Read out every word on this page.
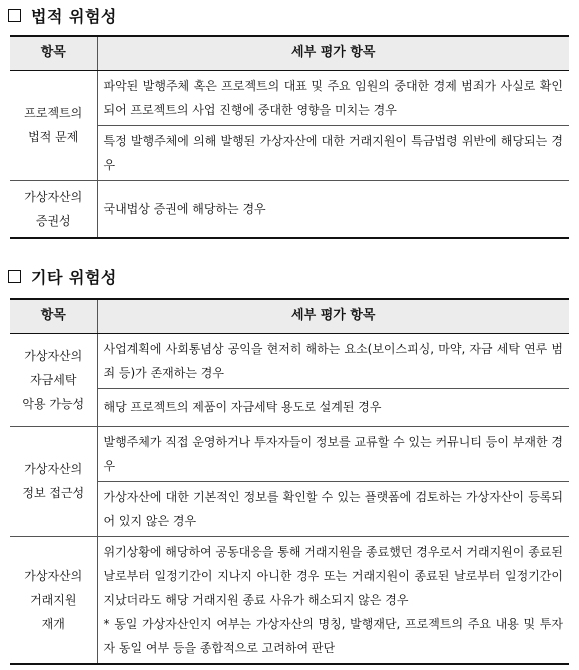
법적 위험성
항목	세부 평가 항목

프로젝트의
법적 문제	파악된 발행주체 혹은 프로젝트의 대표 및 주요 임원의 중대한 경제 범죄가 사실로 확인되어 프로젝트의 사업 진행에 중대한 영향을 미치는 경우
	특정 발행주체에 의해 발행된 가상자산에 대한 거래지원이 특금법령 위반에 해당되는 경우

가상자산의
증권성	국내법상 증권에 해당하는 경우
기타 위험성
항목	세부 평가 항목

가상자산의
자금세탁
악용 가능성	사업계획에 사회통념상 공익을 현저히 해하는 요소(보이스피싱, 마약, 자금 세탁 연루 범죄 등)가 존재하는 경우
	해당 프로젝트의 제품이 자금세탁 용도로 설계된 경우

가상자산의
정보 접근성	발행주체가 직접 운영하거나 투자자들이 정보를 교류할 수 있는 커뮤니티 등이 부재한 경우
	가상자산에 대한 기본적인 정보를 확인할 수 있는 플랫폼에 검토하는 가상자산이 등록되어 있지 않은 경우

가상자산의
거래지원
재개	위기상황에 해당하여 공동대응을 통해 거래지원을 종료했던 경우로서 거래지원이 종료된 날로부터 일정기간이 지나지 아니한 경우 또는 거래지원이 종료된 날로부터 일정기간이 지났더라도 해당 거래지원 종료 사유가 해소되지 않은 경우
* 동일 가상자산인지 여부는 가상자산의 명칭, 발행재단, 프로젝트의 주요 내용 및 투자자 동일 여부 등을 종합적으로 고려하여 판단
